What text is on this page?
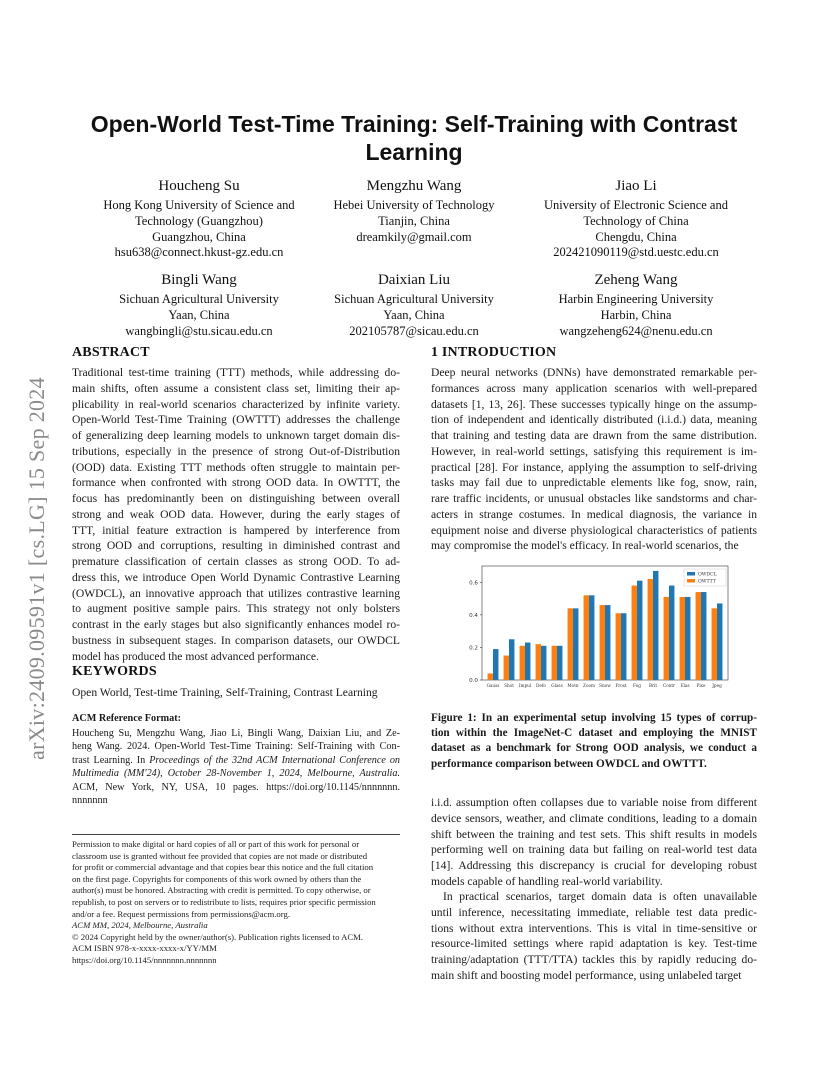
arXiv:2409.09591v1 [cs.LG] 15 Sep 2024
Open-World Test-Time Training: Self-Training with Contrast
Learning
Houcheng Su
Hong Kong University of Science and
Technology (Guangzhou)
Guangzhou, China
hsu638@connect.hkust-gz.edu.cn
Mengzhu Wang
Hebei University of Technology
Tianjin, China
dreamkily@gmail.com
Jiao Li
University of Electronic Science and
Technology of China
Chengdu, China
202421090119@std.uestc.edu.cn
Bingli Wang
Sichuan Agricultural University
Yaan, China
wangbingli@stu.sicau.edu.cn
Daixian Liu
Sichuan Agricultural University
Yaan, China
202105787@sicau.edu.cn
Zeheng Wang
Harbin Engineering University
Harbin, China
wangzeheng624@nenu.edu.cn
ABSTRACT
Traditional test-time training (TTT) methods, while addressing do-
main shifts, often assume a consistent class set, limiting their ap-
plicability in real-world scenarios characterized by infinite variety.
Open-World Test-Time Training (OWTTT) addresses the challenge
of generalizing deep learning models to unknown target domain dis-
tributions, especially in the presence of strong Out-of-Distribution
(OOD) data. Existing TTT methods often struggle to maintain per-
formance when confronted with strong OOD data. In OWTTT, the
focus has predominantly been on distinguishing between overall
strong and weak OOD data. However, during the early stages of
TTT, initial feature extraction is hampered by interference from
strong OOD and corruptions, resulting in diminished contrast and
premature classification of certain classes as strong OOD. To ad-
dress this, we introduce Open World Dynamic Contrastive Learning
(OWDCL), an innovative approach that utilizes contrastive learning
to augment positive sample pairs. This strategy not only bolsters
contrast in the early stages but also significantly enhances model ro-
bustness in subsequent stages. In comparison datasets, our OWDCL
model has produced the most advanced performance.
KEYWORDS
Open World, Test-time Training, Self-Training, Contrast Learning
ACM Reference Format:
Houcheng Su, Mengzhu Wang, Jiao Li, Bingli Wang, Daixian Liu, and Ze-
heng Wang. 2024. Open-World Test-Time Training: Self-Training with Con-
trast Learning. In Proceedings of the 32nd ACM International Conference on
Multimedia (MM'24), October 28-November 1, 2024, Melbourne, Australia.
ACM, New York, NY, USA, 10 pages. https://doi.org/10.1145/nnnnnnn.
nnnnnnn
Permission to make digital or hard copies of all or part of this work for personal or
classroom use is granted without fee provided that copies are not made or distributed
for profit or commercial advantage and that copies bear this notice and the full citation
on the first page. Copyrights for components of this work owned by others than the
author(s) must be honored. Abstracting with credit is permitted. To copy otherwise, or
republish, to post on servers or to redistribute to lists, requires prior specific permission
and/or a fee. Request permissions from permissions@acm.org.
ACM MM, 2024, Melbourne, Australia
© 2024 Copyright held by the owner/author(s). Publication rights licensed to ACM.
ACM ISBN 978-x-xxxx-xxxx-x/YY/MM
https://doi.org/10.1145/nnnnnnn.nnnnnnn
1 INTRODUCTION
Deep neural networks (DNNs) have demonstrated remarkable per-
formances across many application scenarios with well-prepared
datasets [1, 13, 26]. These successes typically hinge on the assump-
tion of independent and identically distributed (i.i.d.) data, meaning
that training and testing data are drawn from the same distribution.
However, in real-world settings, satisfying this requirement is im-
practical [28]. For instance, applying the assumption to self-driving
tasks may fail due to unpredictable elements like fog, snow, rain,
rare traffic incidents, or unusual obstacles like sandstorms and char-
acters in strange costumes. In medical diagnosis, the variance in
equipment noise and diverse physiological characteristics of patients
may compromise the model's efficacy. In real-world scenarios, the
0.0
0.2
0.4
0.6
Gauss Shot Impul Defo Glass Motn Zoom Snow Frost Fog Brit Contr Elas Pixe Jpeg
OWDCL
OWTTT
Figure 1: In an experimental setup involving 15 types of corrup-
tion within the ImageNet-C dataset and employing the MNIST
dataset as a benchmark for Strong OOD analysis, we conduct a
performance comparison between OWDCL and OWTTT.
i.i.d. assumption often collapses due to variable noise from different
device sensors, weather, and climate conditions, leading to a domain
shift between the training and test sets. This shift results in models
performing well on training data but failing on real-world test data
[14]. Addressing this discrepancy is crucial for developing robust
models capable of handling real-world variability.
In practical scenarios, target domain data is often unavailable
until inference, necessitating immediate, reliable test data predic-
tions without extra interventions. This is vital in time-sensitive or
resource-limited settings where rapid adaptation is key. Test-time
training/adaptation (TTT/TTA) tackles this by rapidly reducing do-
main shift and boosting model performance, using unlabeled target
